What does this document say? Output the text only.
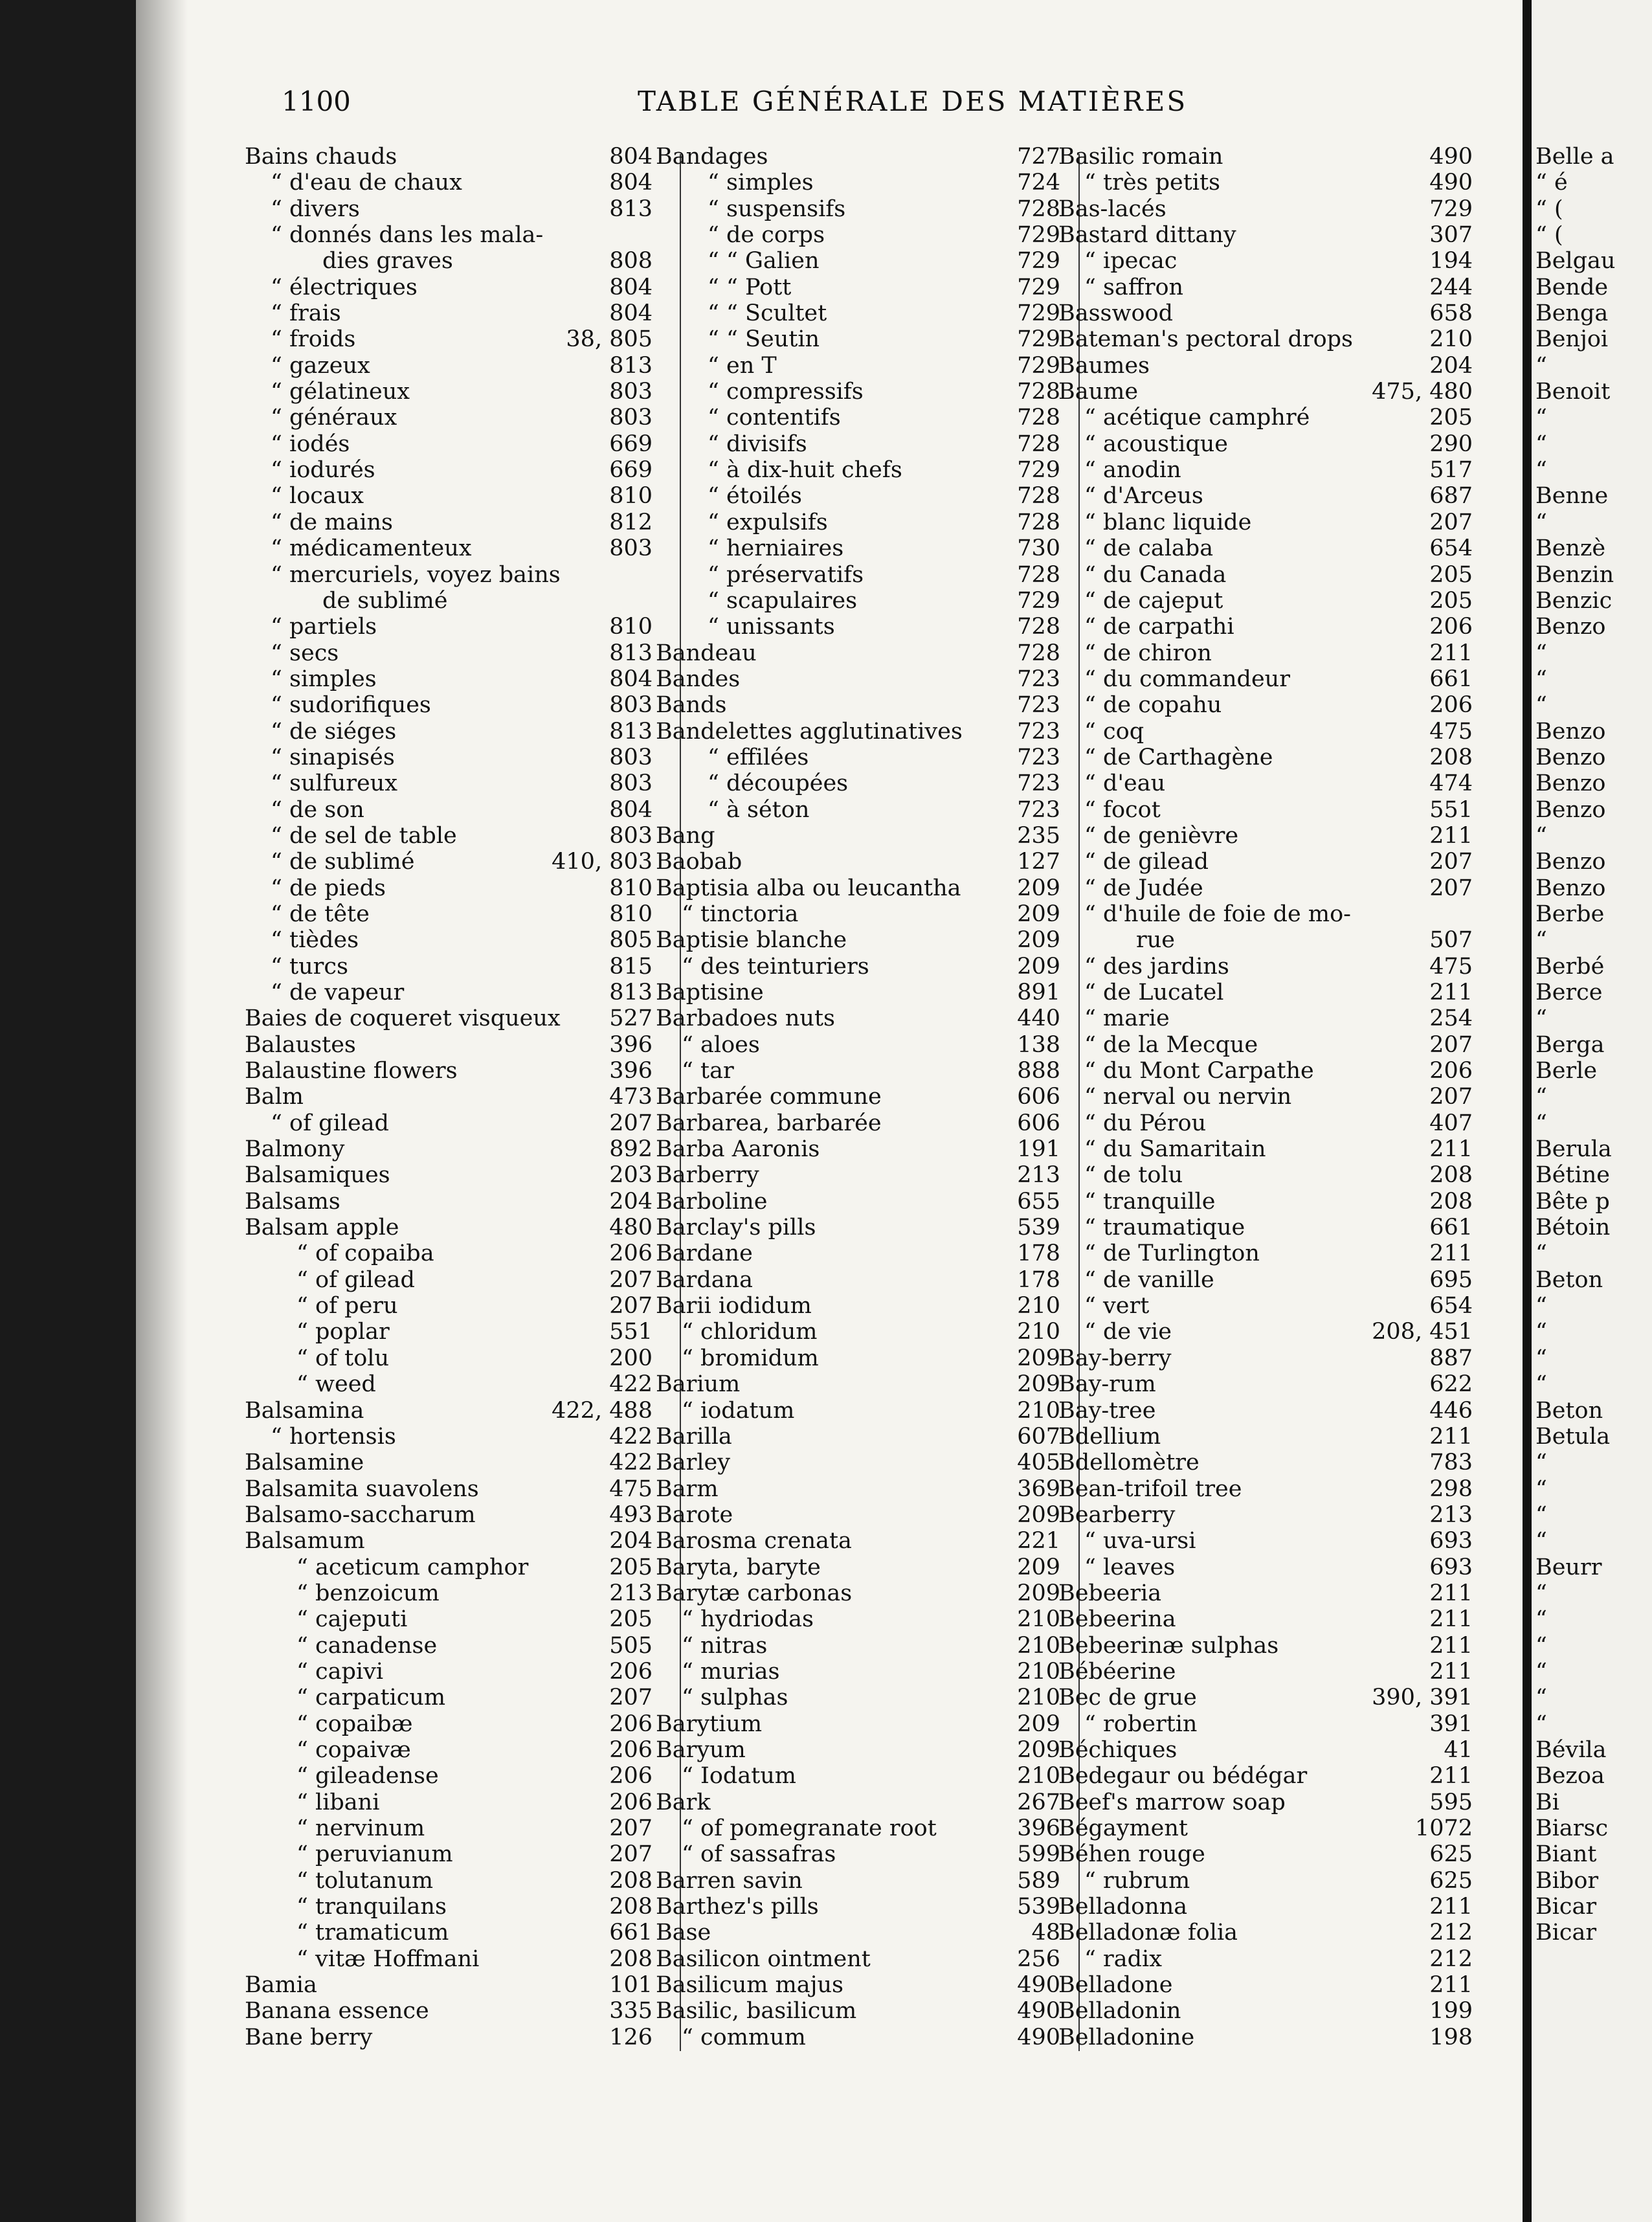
1100	TABLE GÉNÉRALE DES MATIÈRES
Bains chauds	804
“ d'eau de chaux	804
“ divers	813
“ donnés dans les mala-
dies graves	808
“ électriques	804
“ frais	804
“ froids	38, 805
“ gazeux	813
“ gélatineux	803
“ généraux	803
“ iodés	669
“ iodurés	669
“ locaux	810
“ de mains	812
“ médicamenteux	803
“ mercuriels, voyez bains
de sublimé
“ partiels	810
“ secs	813
“ simples	804
“ sudorifiques	803
“ de siéges	813
“ sinapisés	803
“ sulfureux	803
“ de son	804
“ de sel de table	803
“ de sublimé	410, 803
“ de pieds	810
“ de tête	810
“ tièdes	805
“ turcs	815
“ de vapeur	813
Baies de coqueret visqueux 527
Balaustes	396
Balaustine flowers	396
Balm	473
“ of gilead	207
Balmony	892
Balsamiques	203
Balsams	204
Balsam apple	480
“ of copaiba	206
“ of gilead	207
“ of peru	207
“ poplar	551
“ of tolu	200
“ weed	422
Balsamina	422, 488
“ hortensis	422
Balsamine	422
Balsamita suavolens	475
Balsamo-saccharum	493
Balsamum	204
“ aceticum camphor	205
“ benzoicum	213
“ cajeputi	205
“ canadense	505
“ capivi	206
“ carpaticum	207
“ copaibæ	206
“ copaivæ	206
“ gileadense	206
“ libani	206
“ nervinum	207
“ peruvianum	207
“ tolutanum	208
“ tranquilans	208
“ tramaticum	661
“ vitæ Hoffmani	208
Bamia	101
Banana essence	335
Bane berry	126
Bandages	727
“ simples	724
“ suspensifs	728
“ de corps	729
“ “ Galien	729
“ “ Pott	729
“ “ Scultet	729
“ “ Seutin	729
“ en T	729
“ compressifs	728
“ contentifs	728
“ divisifs	728
“ à dix-huit chefs	729
“ étoilés	728
“ expulsifs	728
“ herniaires	730
“ préservatifs	728
“ scapulaires	729
“ unissants	728
Bandeau	728
Bandes	723
Bands	723
Bandelettes agglutinatives 723
“ effilées	723
“ découpées	723
“ à séton	723
Bang	235
Baobab	127
Baptisia alba ou leucantha 209
“ tinctoria	209
Baptisie blanche	209
“ des teinturiers	209
Baptisine	891
Barbadoes nuts	440
“ aloes	138
“ tar	888
Barbarée commune	606
Barbarea, barbarée	606
Barba Aaronis	191
Barberry	213
Barboline	655
Barclay's pills	539
Bardane	178
Bardana	178
Barii iodidum	210
“ chloridum	210
“ bromidum	209
Barium	209
“ iodatum	210
Barilla	607
Barley	405
Barm	369
Barote	209
Barosma crenata	221
Baryta, baryte	209
Barytæ carbonas	209
“ hydriodas	210
“ nitras	210
“ murias	210
“ sulphas	210
Barytium	209
Baryum	209
“ Iodatum	210
Bark	267
“ of pomegranate root	396
“ of sassafras	599
Barren savin	589
Barthez's pills	539
Base	48
Basilicon ointment	256
Basilicum majus	490
Basilic, basilicum	490
“ commum	490
Basilic romain	490
“ très petits	490
Bas-lacés	729
Bastard dittany	307
“ ipecac	194
“ saffron	244
Basswood	658
Bateman's pectoral drops	210
Baumes	204
Baume	475, 480
“ acétique camphré	205
“ acoustique	290
“ anodin	517
“ d'Arceus	687
“ blanc liquide	207
“ de calaba	654
“ du Canada	205
“ de cajeput	205
“ de carpathi	206
“ de chiron	211
“ du commandeur	661
“ de copahu	206
“ coq	475
“ de Carthagène	208
“ d'eau	474
“ focot	551
“ de genièvre	211
“ de gilead	207
“ de Judée	207
“ d'huile de foie de mo-
rue	507
“ des jardins	475
“ de Lucatel	211
“ marie	254
“ de la Mecque	207
“ du Mont Carpathe	206
“ nerval ou nervin	207
“ du Pérou	407
“ du Samaritain	211
“ de tolu	208
“ tranquille	208
“ traumatique	661
“ de Turlington	211
“ de vanille	695
“ vert	654
“ de vie	208, 451
Bay-berry	887
Bay-rum	622
Bay-tree	446
Bdellium	211
Bdellomètre	783
Bean-trifoil tree	298
Bearberry	213
“ uva-ursi	693
“ leaves	693
Bebeeria	211
Bebeerina	211
Bebeerinæ sulphas	211
Bébéerine	211
Bec de grue	390, 391
“ robertin	391
Béchiques	41
Bedegaur ou bédégar	211
Beef's marrow soap	595
Bégayment	1072
Béhen rouge	625
“ rubrum	625
Belladonna	211
Belladonæ folia	212
“ radix	212
Belladone	211
Belladonin	199
Belladonine	198
Belle a
“ é
“ (
“ (
Belgau
Bende
Benga
Benjoi
“
Benoit
“
“
“
Benne
“
Benzè
Benzin
Benzic
Benzo
“
“
“
Benzo
Benzo
Benzo
Benzo
“
Benzo
Benzo
Berbe
“
Berbé
Berce
“
Berga
Berle
“
“
Berula
Bétine
Bête p
Bétoin
“
Beton
“
“
“
“
Beton
Betula
“
“
“
“
Beurr
“
“
“
“
“
“
Bévila
Bezoa
Bi
Biarsc
Biant
Bibor
Bicar
Bicar
